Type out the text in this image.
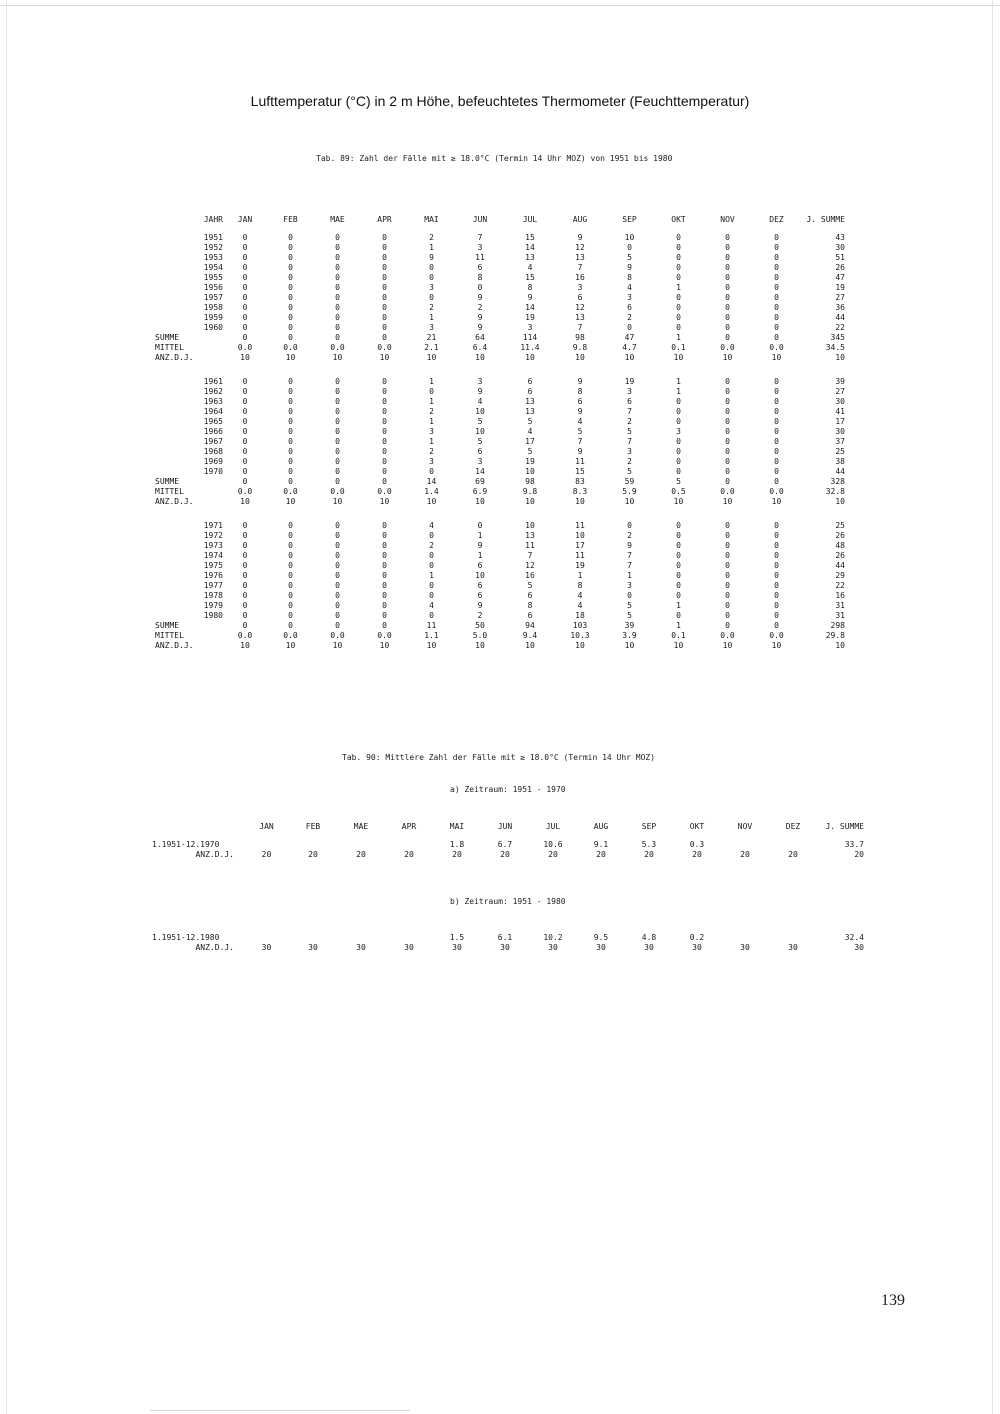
Lufttemperatur (°C) in 2 m Höhe, befeuchtetes Thermometer (Feuchttemperatur)
Tab. 89: Zahl der Fälle mit ≥ 18.0°C (Termin 14 Uhr MOZ) von 1951 bis 1980
JAHR	JAN	FEB	MAE	APR	MAI	JUN	JUL	AUG	SEP	OKT	NOV	DEZ	J. SUMME

1951	0	0	0	0	2	7	15	9	10	0	0	0	43
1952	0	0	0	0	1	3	14	12	0	0	0	0	30
1953	0	0	0	0	9	11	13	13	5	0	0	0	51
1954	0	0	0	0	0	6	4	7	9	0	0	0	26
1955	0	0	0	0	0	8	15	16	8	0	0	0	47
1956	0	0	0	0	3	0	8	3	4	1	0	0	19
1957	0	0	0	0	0	9	9	6	3	0	0	0	27
1958	0	0	0	0	2	2	14	12	6	0	0	0	36
1959	0	0	0	0	1	9	19	13	2	0	0	0	44
1960	0	0	0	0	3	9	3	7	0	0	0	0	22
SUMME	0	0	0	0	21	64	114	98	47	1	0	0	345
MITTEL	0.0	0.0	0.0	0.0	2.1	6.4	11.4	9.8	4.7	0.1	0.0	0.0	34.5
ANZ.D.J.	10	10	10	10	10	10	10	10	10	10	10	10	10

1961	0	0	0	0	1	3	6	9	19	1	0	0	39
1962	0	0	0	0	0	9	6	8	3	1	0	0	27
1963	0	0	0	0	1	4	13	6	6	0	0	0	30
1964	0	0	0	0	2	10	13	9	7	0	0	0	41
1965	0	0	0	0	1	5	5	4	2	0	0	0	17
1966	0	0	0	0	3	10	4	5	5	3	0	0	30
1967	0	0	0	0	1	5	17	7	7	0	0	0	37
1968	0	0	0	0	2	6	5	9	3	0	0	0	25
1969	0	0	0	0	3	3	19	11	2	0	0	0	38
1970	0	0	0	0	0	14	10	15	5	0	0	0	44
SUMME	0	0	0	0	14	69	98	83	59	5	0	0	328
MITTEL	0.0	0.0	0.0	0.0	1.4	6.9	9.8	8.3	5.9	0.5	0.0	0.0	32.8
ANZ.D.J.	10	10	10	10	10	10	10	10	10	10	10	10	10

1971	0	0	0	0	4	0	10	11	0	0	0	0	25
1972	0	0	0	0	0	1	13	10	2	0	0	0	26
1973	0	0	0	0	2	9	11	17	9	0	0	0	48
1974	0	0	0	0	0	1	7	11	7	0	0	0	26
1975	0	0	0	0	0	6	12	19	7	0	0	0	44
1976	0	0	0	0	1	10	16	1	1	0	0	0	29
1977	0	0	0	0	0	6	5	8	3	0	0	0	22
1978	0	0	0	0	0	6	6	4	0	0	0	0	16
1979	0	0	0	0	4	9	8	4	5	1	0	0	31
1980	0	0	0	0	0	2	6	18	5	0	0	0	31
SUMME	0	0	0	0	11	50	94	103	39	1	0	0	298
MITTEL	0.0	0.0	0.0	0.0	1.1	5.0	9.4	10.3	3.9	0.1	0.0	0.0	29.8
ANZ.D.J.	10	10	10	10	10	10	10	10	10	10	10	10	10
Tab. 90: Mittlere Zahl der Fälle mit ≥ 18.0°C (Termin 14 Uhr MOZ)
a) Zeitraum: 1951 - 1970
	JAN	FEB	MAE	APR	MAI	JUN	JUL	AUG	SEP	OKT	NOV	DEZ	J. SUMME

1.1951-12.1970					1.8	6.7	10.6	9.1	5.3	0.3			33.7
ANZ.D.J.	20	20	20	20	20	20	20	20	20	20	20	20	20
b) Zeitraum: 1951 - 1980
1.1951-12.1980					1.5	6.1	10.2	9.5	4.8	0.2			32.4
ANZ.D.J.	30	30	30	30	30	30	30	30	30	30	30	30	30
139
